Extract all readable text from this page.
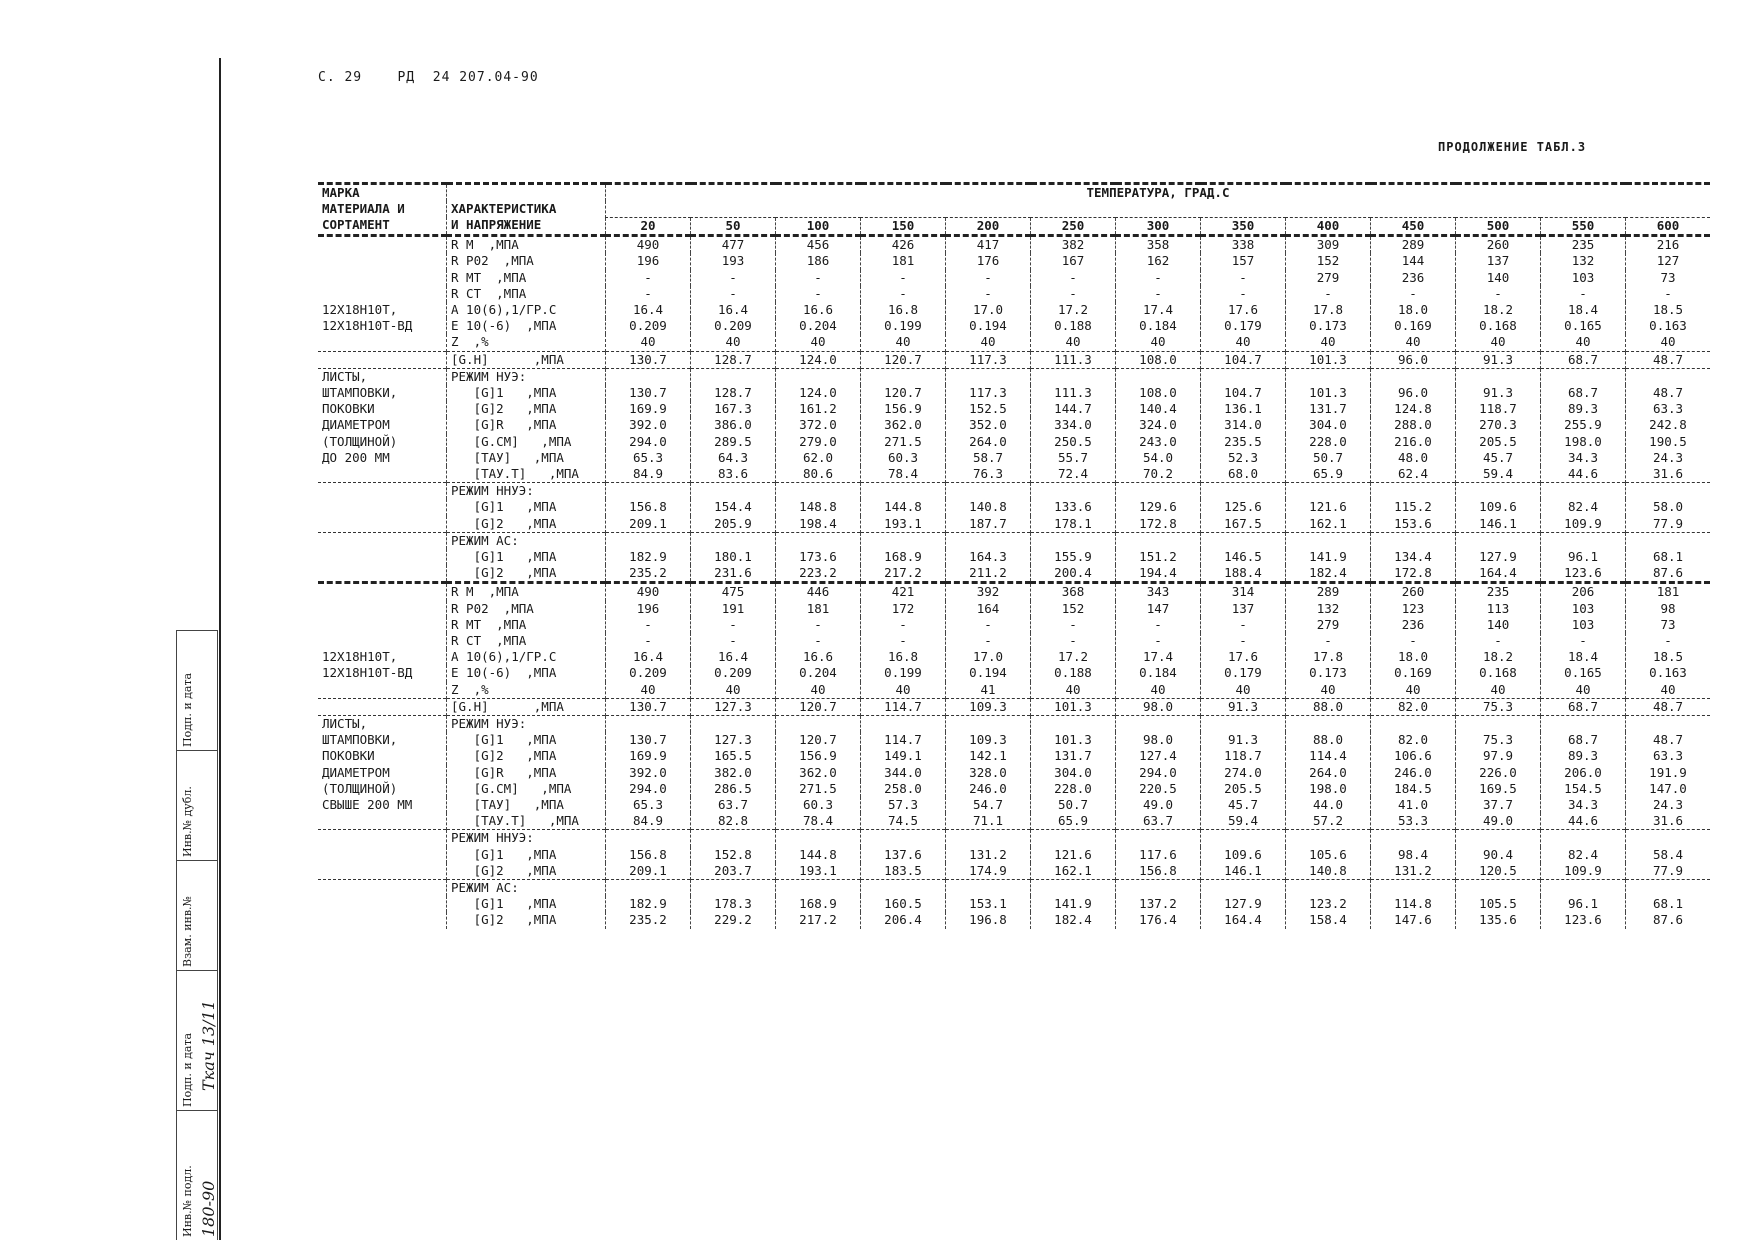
С. 29    РД  24 207.04-90
ПРОДОЛЖЕНИЕ ТАБЛ.3
Подп. и дата
Инв.№ дубл.
Взам. инв.№
Подп. и дата Ткач 13/11
Инв.№ подл. 180-90

МАРКА		ТЕМПЕРАТУРА, ГРАД.С												
МАТЕРИАЛА И	ХАРАКТЕРИСТИКА													
СОРТАМЕНТ	И НАПРЯЖЕНИЕ	20	50	100	150	200	250	300	350	400	450	500	550	600

	R M  ,МПА	490	477	456	426	417	382	358	338	309	289	260	235	216
	R P02  ,МПА	196	193	186	181	176	167	162	157	152	144	137	132	127
	R MT  ,МПА	-	-	-	-	-	-	-	-	279	236	140	103	73
	R CT  ,МПА	-	-	-	-	-	-	-	-	-	-	-	-	-
12Х18Н10Т,	A 10(6),1/ГР.С	16.4	16.4	16.6	16.8	17.0	17.2	17.4	17.6	17.8	18.0	18.2	18.4	18.5
12Х18Н10Т-ВД	E 10(-6)  ,МПА	0.209	0.209	0.204	0.199	0.194	0.188	0.184	0.179	0.173	0.169	0.168	0.165	0.163
	Z  ,%	40	40	40	40	40	40	40	40	40	40	40	40	40

	[G.H]      ,МПА	130.7	128.7	124.0	120.7	117.3	111.3	108.0	104.7	101.3	96.0	91.3	68.7	48.7

ЛИСТЫ,	РЕЖИМ НУЭ:													
ШТАМПОВКИ,	[G]1   ,МПА	130.7	128.7	124.0	120.7	117.3	111.3	108.0	104.7	101.3	96.0	91.3	68.7	48.7
ПОКОВКИ	[G]2   ,МПА	169.9	167.3	161.2	156.9	152.5	144.7	140.4	136.1	131.7	124.8	118.7	89.3	63.3
ДИАМЕТРОМ	[G]R   ,МПА	392.0	386.0	372.0	362.0	352.0	334.0	324.0	314.0	304.0	288.0	270.3	255.9	242.8
(ТОЛЩИНОЙ)	[G.CM]   ,МПА	294.0	289.5	279.0	271.5	264.0	250.5	243.0	235.5	228.0	216.0	205.5	198.0	190.5
ДО 200 ММ	[ТАУ]   ,МПА	65.3	64.3	62.0	60.3	58.7	55.7	54.0	52.3	50.7	48.0	45.7	34.3	24.3
	[ТАУ.Т]   ,МПА	84.9	83.6	80.6	78.4	76.3	72.4	70.2	68.0	65.9	62.4	59.4	44.6	31.6

	РЕЖИМ ННУЭ:													
	[G]1   ,МПА	156.8	154.4	148.8	144.8	140.8	133.6	129.6	125.6	121.6	115.2	109.6	82.4	58.0
	[G]2   ,МПА	209.1	205.9	198.4	193.1	187.7	178.1	172.8	167.5	162.1	153.6	146.1	109.9	77.9

	РЕЖИМ АС:													
	[G]1   ,МПА	182.9	180.1	173.6	168.9	164.3	155.9	151.2	146.5	141.9	134.4	127.9	96.1	68.1
	[G]2   ,МПА	235.2	231.6	223.2	217.2	211.2	200.4	194.4	188.4	182.4	172.8	164.4	123.6	87.6

	R M  ,МПА	490	475	446	421	392	368	343	314	289	260	235	206	181
	R P02  ,МПА	196	191	181	172	164	152	147	137	132	123	113	103	98
	R MT  ,МПА	-	-	-	-	-	-	-	-	279	236	140	103	73
	R CT  ,МПА	-	-	-	-	-	-	-	-	-	-	-	-	-
12Х18Н10Т,	A 10(6),1/ГР.С	16.4	16.4	16.6	16.8	17.0	17.2	17.4	17.6	17.8	18.0	18.2	18.4	18.5
12Х18Н10Т-ВД	E 10(-6)  ,МПА	0.209	0.209	0.204	0.199	0.194	0.188	0.184	0.179	0.173	0.169	0.168	0.165	0.163
	Z  ,%	40	40	40	40	41	40	40	40	40	40	40	40	40

	[G.H]      ,МПА	130.7	127.3	120.7	114.7	109.3	101.3	98.0	91.3	88.0	82.0	75.3	68.7	48.7

ЛИСТЫ,	РЕЖИМ НУЭ:													
ШТАМПОВКИ,	[G]1   ,МПА	130.7	127.3	120.7	114.7	109.3	101.3	98.0	91.3	88.0	82.0	75.3	68.7	48.7
ПОКОВКИ	[G]2   ,МПА	169.9	165.5	156.9	149.1	142.1	131.7	127.4	118.7	114.4	106.6	97.9	89.3	63.3
ДИАМЕТРОМ	[G]R   ,МПА	392.0	382.0	362.0	344.0	328.0	304.0	294.0	274.0	264.0	246.0	226.0	206.0	191.9
(ТОЛЩИНОЙ)	[G.CM]   ,МПА	294.0	286.5	271.5	258.0	246.0	228.0	220.5	205.5	198.0	184.5	169.5	154.5	147.0
СВЫШЕ 200 ММ	[ТАУ]   ,МПА	65.3	63.7	60.3	57.3	54.7	50.7	49.0	45.7	44.0	41.0	37.7	34.3	24.3
	[ТАУ.Т]   ,МПА	84.9	82.8	78.4	74.5	71.1	65.9	63.7	59.4	57.2	53.3	49.0	44.6	31.6

	РЕЖИМ ННУЭ:													
	[G]1   ,МПА	156.8	152.8	144.8	137.6	131.2	121.6	117.6	109.6	105.6	98.4	90.4	82.4	58.4
	[G]2   ,МПА	209.1	203.7	193.1	183.5	174.9	162.1	156.8	146.1	140.8	131.2	120.5	109.9	77.9

	РЕЖИМ АС:													
	[G]1   ,МПА	182.9	178.3	168.9	160.5	153.1	141.9	137.2	127.9	123.2	114.8	105.5	96.1	68.1
	[G]2   ,МПА	235.2	229.2	217.2	206.4	196.8	182.4	176.4	164.4	158.4	147.6	135.6	123.6	87.6
